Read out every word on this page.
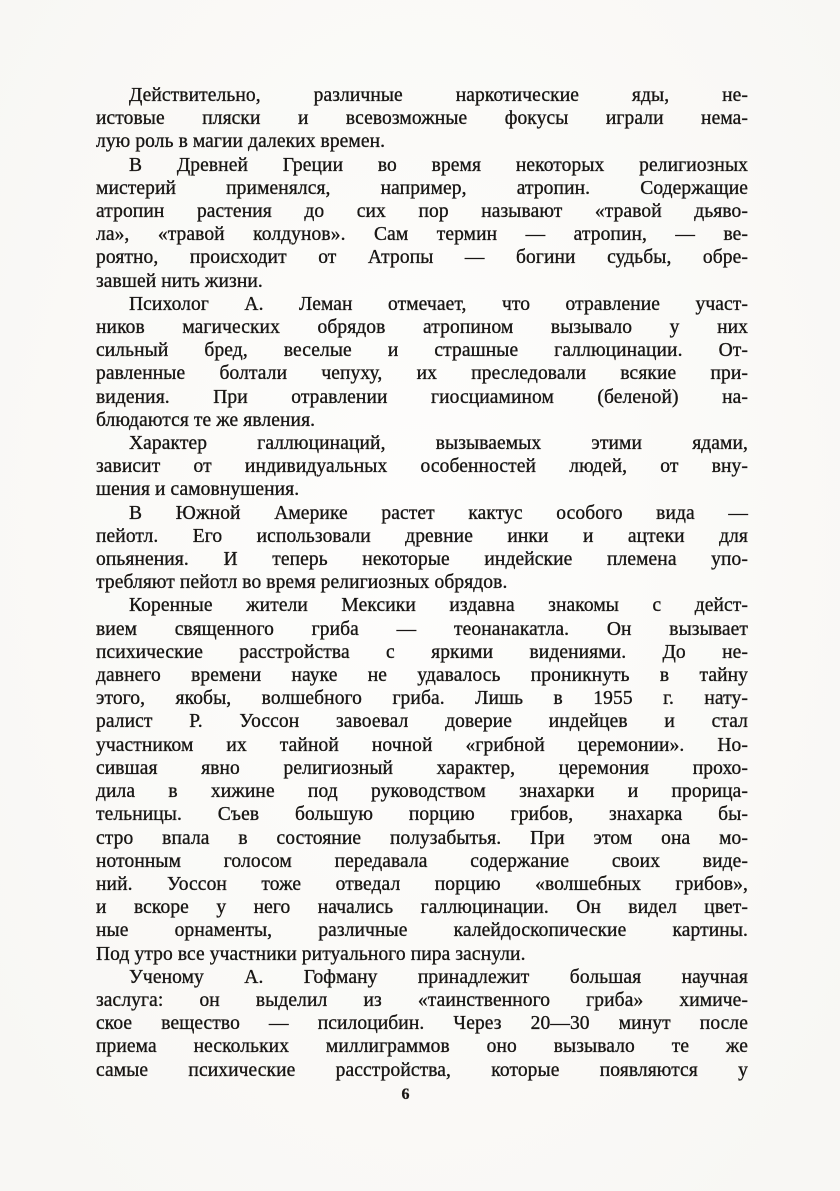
Действительно, различные наркотические яды, не-
истовые пляски и всевозможные фокусы играли нема-
лую роль в магии далеких времен.
В Древней Греции во время некоторых религиозных
мистерий применялся, например, атропин. Содержащие
атропин растения до сих пор называют «травой дьяво-
ла», «травой колдунов». Сам термин — атропин, — ве-
роятно, происходит от Атропы — богини судьбы, обре-
завшей нить жизни.
Психолог А. Леман отмечает, что отравление участ-
ников магических обрядов атропином вызывало у них
сильный бред, веселые и страшные галлюцинации. От-
равленные болтали чепуху, их преследовали всякие при-
видения. При отравлении гиосциамином (беленой) на-
блюдаются те же явления.
Характер галлюцинаций, вызываемых этими ядами,
зависит от индивидуальных особенностей людей, от вну-
шения и самовнушения.
В Южной Америке растет кактус особого вида —
пейотл. Его использовали древние инки и ацтеки для
опьянения. И теперь некоторые индейские племена упо-
требляют пейотл во время религиозных обрядов.
Коренные жители Мексики издавна знакомы с дейст-
вием священного гриба — теонанакатла. Он вызывает
психические расстройства с яркими видениями. До не-
давнего времени науке не удавалось проникнуть в тайну
этого, якобы, волшебного гриба. Лишь в 1955 г. нату-
ралист Р. Уоссон завоевал доверие индейцев и стал
участником их тайной ночной «грибной церемонии». Но-
сившая явно религиозный характер, церемония прохо-
дила в хижине под руководством знахарки и прорица-
тельницы. Съев большую порцию грибов, знахарка бы-
стро впала в состояние полузабытья. При этом она мо-
нотонным голосом передавала содержание своих виде-
ний. Уоссон тоже отведал порцию «волшебных грибов»,
и вскоре у него начались галлюцинации. Он видел цвет-
ные орнаменты, различные калейдоскопические картины.
Под утро все участники ритуального пира заснули.
Ученому А. Гофману принадлежит большая научная
заслуга: он выделил из «таинственного гриба» химиче-
ское вещество — псилоцибин. Через 20—30 минут после
приема нескольких миллиграммов оно вызывало те же
самые психические расстройства, которые появляются у
6
